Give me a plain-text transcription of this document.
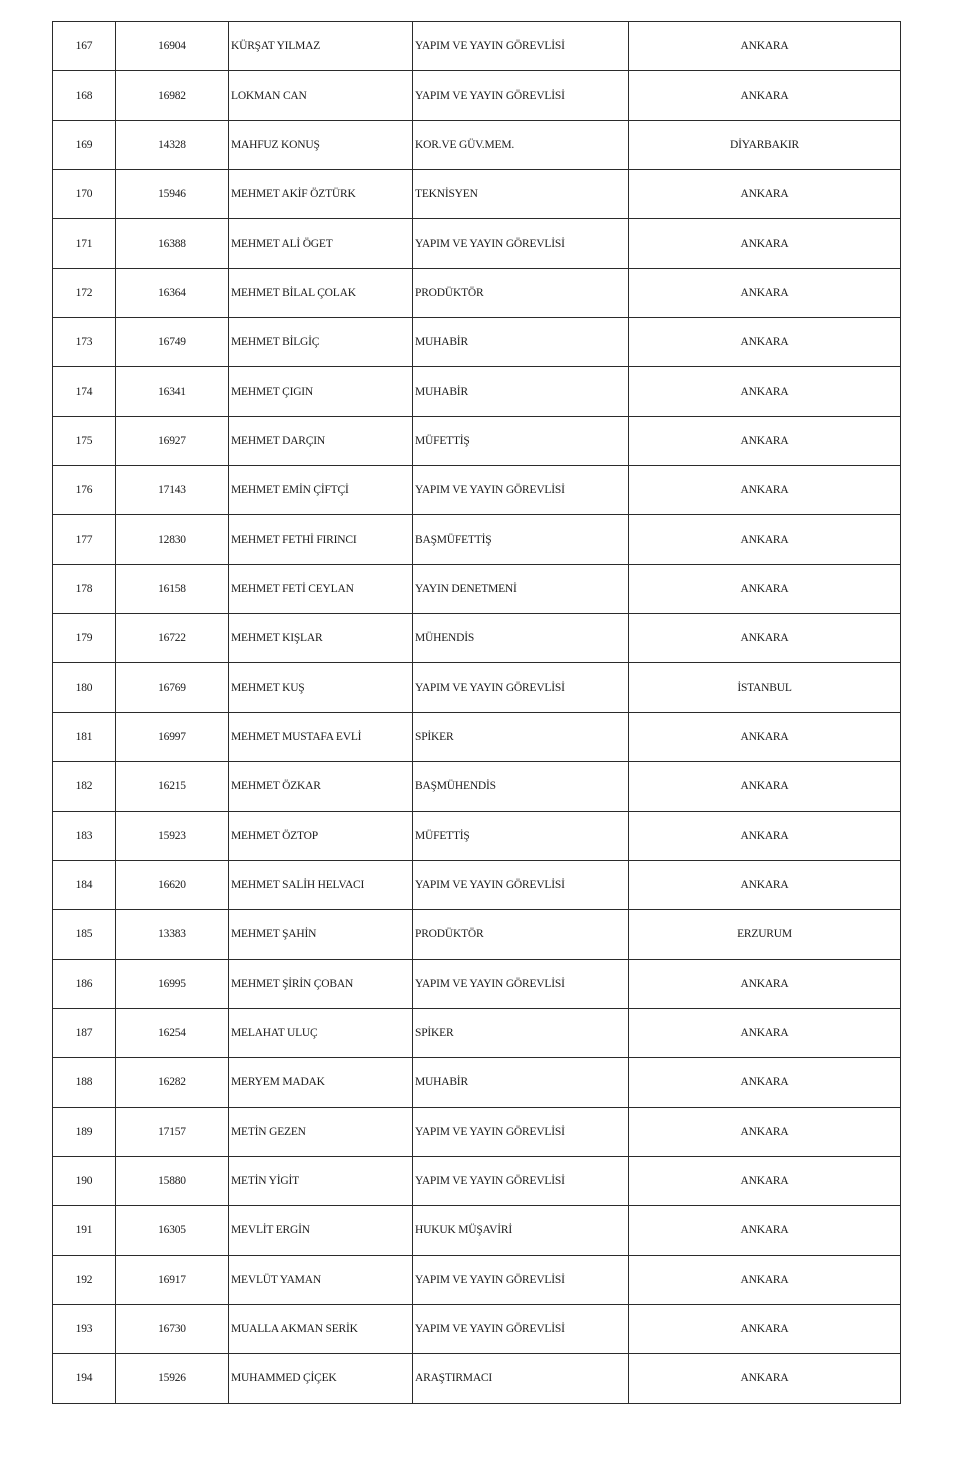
167	16904	KÜRŞAT YILMAZ	YAPIM VE YAYIN GÖREVLİSİ	ANKARA
168	16982	LOKMAN CAN	YAPIM VE YAYIN GÖREVLİSİ	ANKARA
169	14328	MAHFUZ KONUŞ	KOR.VE GÜV.MEM.	DİYARBAKIR
170	15946	MEHMET AKİF ÖZTÜRK	TEKNİSYEN	ANKARA
171	16388	MEHMET ALİ ÖGET	YAPIM VE YAYIN GÖREVLİSİ	ANKARA
172	16364	MEHMET BİLAL ÇOLAK	PRODÜKTÖR	ANKARA
173	16749	MEHMET BİLGİÇ	MUHABİR	ANKARA
174	16341	MEHMET ÇIGIN	MUHABİR	ANKARA
175	16927	MEHMET DARÇIN	MÜFETTİŞ	ANKARA
176	17143	MEHMET EMİN ÇİFTÇİ	YAPIM VE YAYIN GÖREVLİSİ	ANKARA
177	12830	MEHMET FETHİ FIRINCI	BAŞMÜFETTİŞ	ANKARA
178	16158	MEHMET FETİ CEYLAN	YAYIN DENETMENİ	ANKARA
179	16722	MEHMET KIŞLAR	MÜHENDİS	ANKARA
180	16769	MEHMET KUŞ	YAPIM VE YAYIN GÖREVLİSİ	İSTANBUL
181	16997	MEHMET MUSTAFA EVLİ	SPİKER	ANKARA
182	16215	MEHMET ÖZKAR	BAŞMÜHENDİS	ANKARA
183	15923	MEHMET ÖZTOP	MÜFETTİŞ	ANKARA
184	16620	MEHMET SALİH HELVACI	YAPIM VE YAYIN GÖREVLİSİ	ANKARA
185	13383	MEHMET ŞAHİN	PRODÜKTÖR	ERZURUM
186	16995	MEHMET ŞİRİN ÇOBAN	YAPIM VE YAYIN GÖREVLİSİ	ANKARA
187	16254	MELAHAT ULUÇ	SPİKER	ANKARA
188	16282	MERYEM MADAK	MUHABİR	ANKARA
189	17157	METİN GEZEN	YAPIM VE YAYIN GÖREVLİSİ	ANKARA
190	15880	METİN YİGİT	YAPIM VE YAYIN GÖREVLİSİ	ANKARA
191	16305	MEVLİT ERGİN	HUKUK MÜŞAVİRİ	ANKARA
192	16917	MEVLÜT YAMAN	YAPIM VE YAYIN GÖREVLİSİ	ANKARA
193	16730	MUALLA AKMAN SERİK	YAPIM VE YAYIN GÖREVLİSİ	ANKARA
194	15926	MUHAMMED ÇİÇEK	ARAŞTIRMACI	ANKARA
